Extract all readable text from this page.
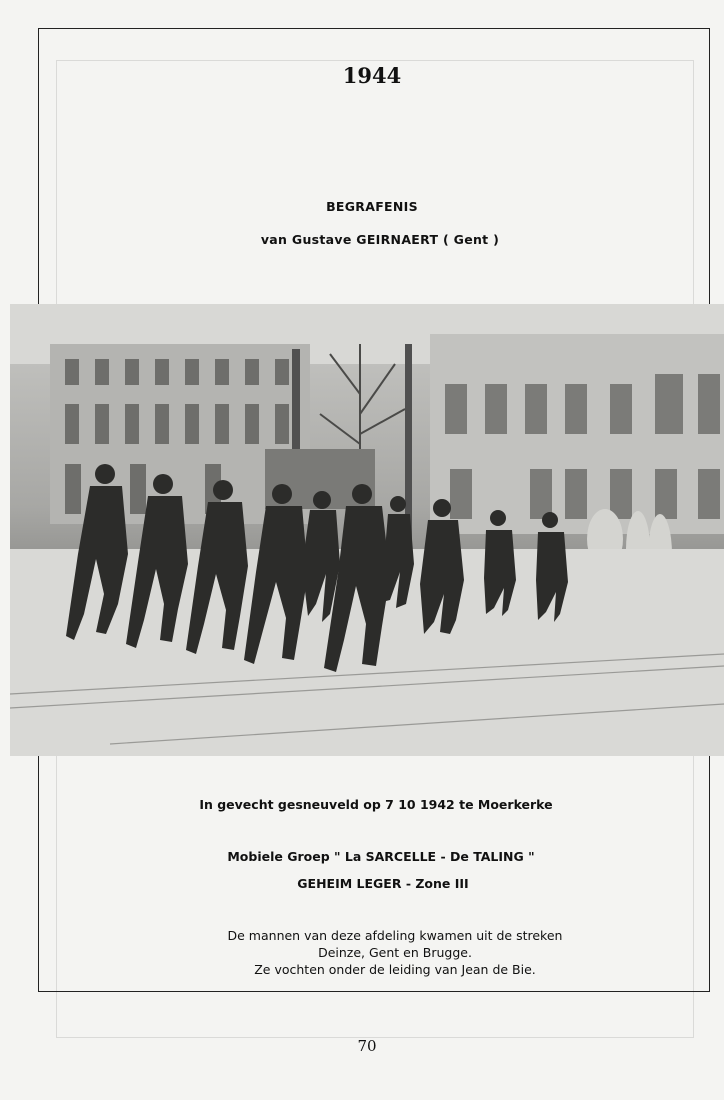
1944
BEGRAFENIS
van Gustave GEIRNAERT ( Gent )
In gevecht gesneuveld op 7 10 1942 te Moerkerke
Mobiele Groep " La SARCELLE - De TALING "
GEHEIM LEGER - Zone III
De mannen van deze afdeling kwamen uit de streken
Deinze, Gent en Brugge.
Ze vochten onder de leiding van Jean de Bie.
70
